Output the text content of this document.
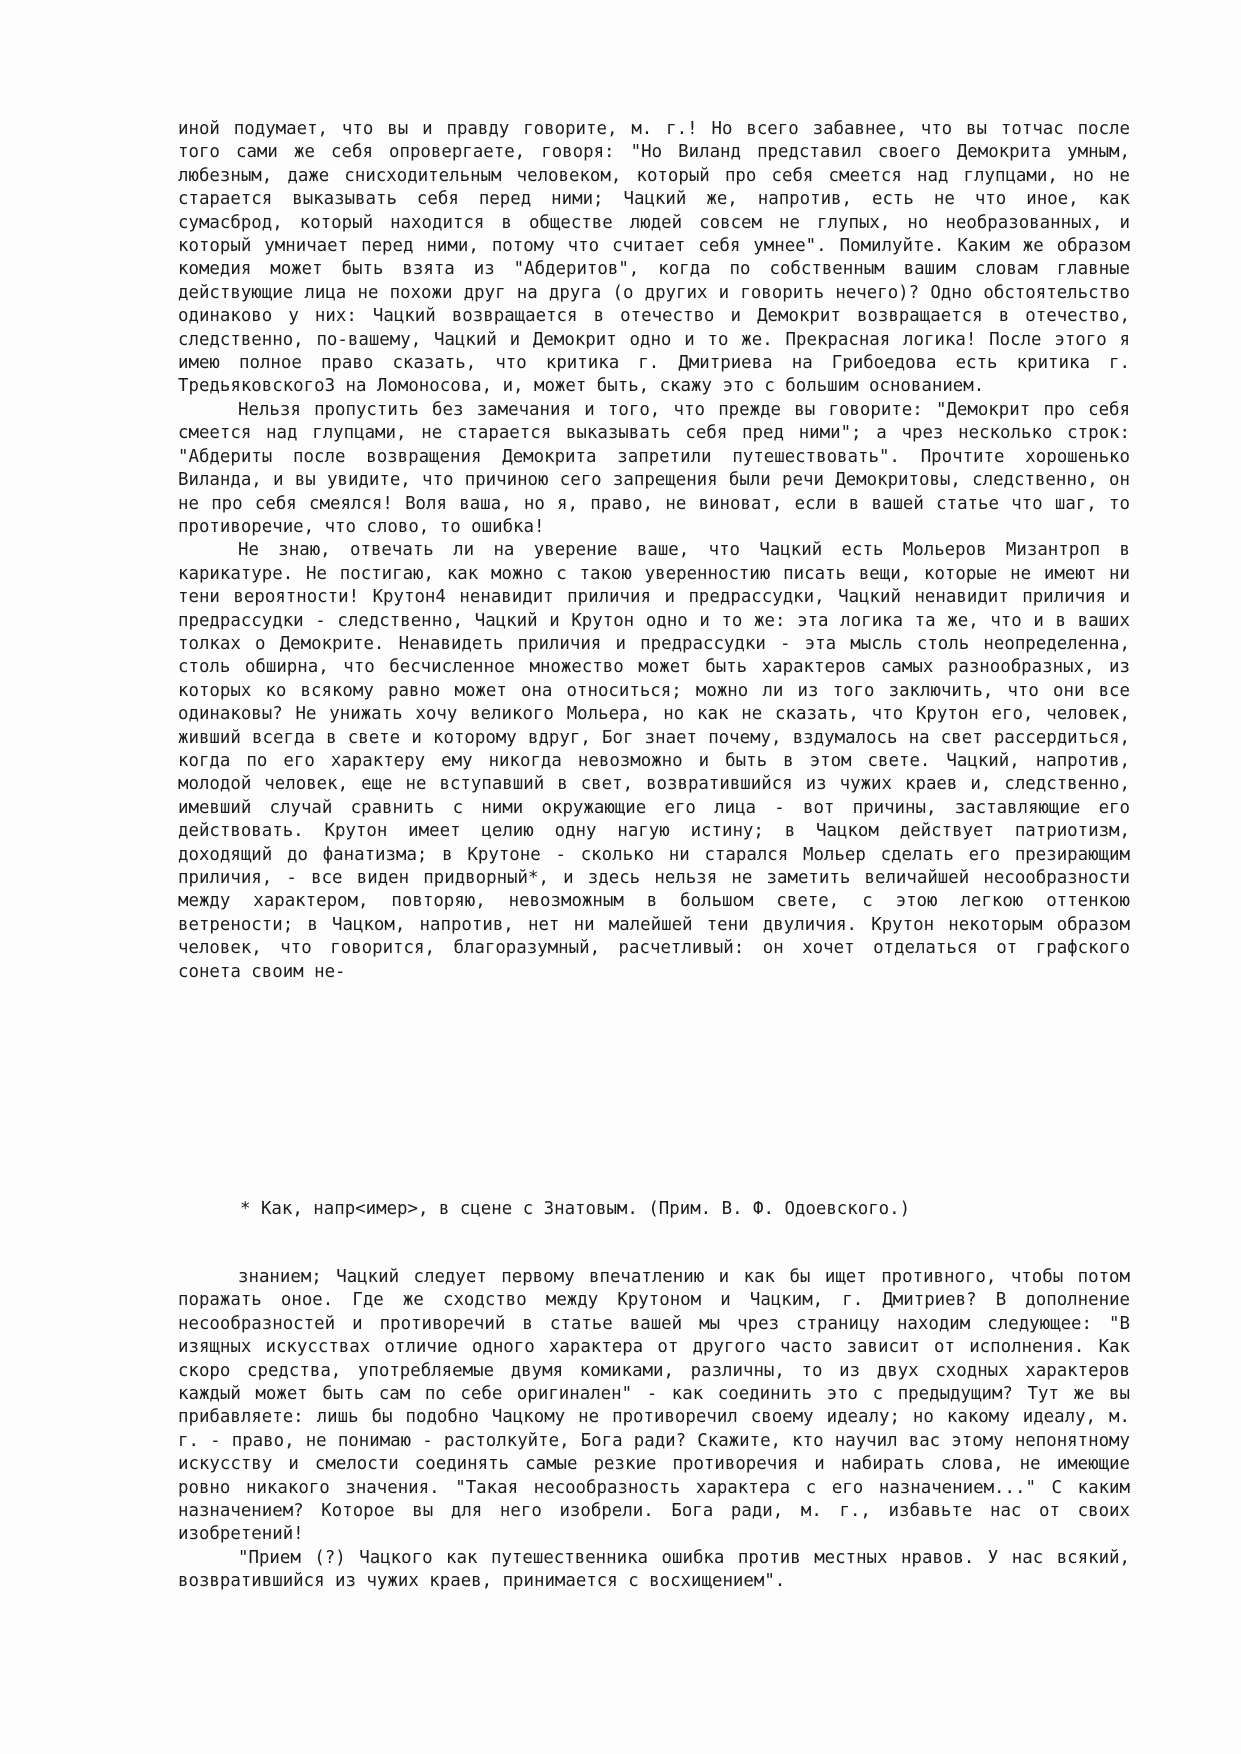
иной подумает, что вы и правду говорите, м. г.! Но всего забавнее, что вы тотчас после того сами же себя опровергаете, говоря: "Но Виланд представил своего Демокрита умным, любезным, даже снисходительным человеком, который про себя смеется над глупцами, но не старается выказывать себя перед ними; Чацкий же, напротив, есть не что иное, как сумасброд, который находится в обществе людей совсем не глупых, но необразованных, и который умничает перед ними, потому что считает себя умнее". Помилуйте. Каким же образом комедия может быть взята из "Абдеритов", когда по собственным вашим словам главные действующие лица не похожи друг на друга (о других и говорить нечего)? Одно обстоятельство одинаково у них: Чацкий возвращается в отечество и Демокрит возвращается в отечество, следственно, по-вашему, Чацкий и Демокрит одно и то же. Прекрасная логика! После этого я имею полное право сказать, что критика г. Дмитриева на Грибоедова есть критика г. Тредьяковского3 на Ломоносова, и, может быть, скажу это с большим основанием.

Нельзя пропустить без замечания и того, что прежде вы говорите: "Демокрит про себя смеется над глупцами, не старается выказывать себя пред ними"; а чрез несколько строк: "Абдериты после возвращения Демокрита запретили путешествовать". Прочтите хорошенько Виланда, и вы увидите, что причиною сего запрещения были речи Демокритовы, следственно, он не про себя смеялся! Воля ваша, но я, право, не виноват, если в вашей статье что шаг, то противоречие, что слово, то ошибка!

Не знаю, отвечать ли на уверение ваше, что Чацкий есть Мольеров Мизантроп в карикатуре. Не постигаю, как можно с такою уверенностию писать вещи, которые не имеют ни тени вероятности! Крутон4 ненавидит приличия и предрассудки, Чацкий ненавидит приличия и предрассудки - следственно, Чацкий и Крутон одно и то же: эта логика та же, что и в ваших толках о Демокрите. Ненавидеть приличия и предрассудки - эта мысль столь неопределенна, столь обширна, что бесчисленное множество может быть характеров самых разнообразных, из которых ко всякому равно может она относиться; можно ли из того заключить, что они все одинаковы? Не унижать хочу великого Мольера, но как не сказать, что Крутон его, человек, живший всегда в свете и которому вдруг, Бог знает почему, вздумалось на свет рассердиться, когда по его характеру ему никогда невозможно и быть в этом свете. Чацкий, напротив, молодой человек, еще не вступавший в свет, возвратившийся из чужих краев и, следственно, имевший случай сравнить с ними окружающие его лица - вот причины, заставляющие его действовать. Крутон имеет целию одну нагую истину; в Чацком действует патриотизм, доходящий до фанатизма; в Крутоне - сколько ни старался Мольер сделать его презирающим приличия, - все виден придворный*, и здесь нельзя не заметить величайшей несообразности между характером, повторяю, невозможным в большом свете, с этою легкою оттенкою ветрености; в Чацком, напротив, нет ни малейшей тени двуличия. Крутон некоторым образом человек, что говорится, благоразумный, расчетливый: он хочет отделаться от графского сонета своим не-

* Как, напр<имер>, в сцене с Знатовым. (Прим. В. Ф. Одоевского.)

знанием; Чацкий следует первому впечатлению и как бы ищет противного, чтобы потом поражать оное. Где же сходство между Крутоном и Чацким, г. Дмитриев? В дополнение несообразностей и противоречий в статье вашей мы чрез страницу находим следующее: "В изящных искусствах отличие одного характера от другого часто зависит от исполнения. Как скоро средства, употребляемые двумя комиками, различны, то из двух сходных характеров каждый может быть сам по себе оригинален" - как соединить это с предыдущим? Тут же вы прибавляете: лишь бы подобно Чацкому не противоречил своему идеалу; но какому идеалу, м. г. - право, не понимаю - растолкуйте, Бога ради? Скажите, кто научил вас этому непонятному искусству и смелости соединять самые резкие противоречия и набирать слова, не имеющие ровно никакого значения. "Такая несообразность характера с его назначением..." С каким назначением? Которое вы для него изобрели. Бога ради, м. г., избавьте нас от своих изобретений!

"Прием (?) Чацкого как путешественника ошибка против местных нравов. У нас всякий, возвратившийся из чужих краев, принимается с восхищением".
